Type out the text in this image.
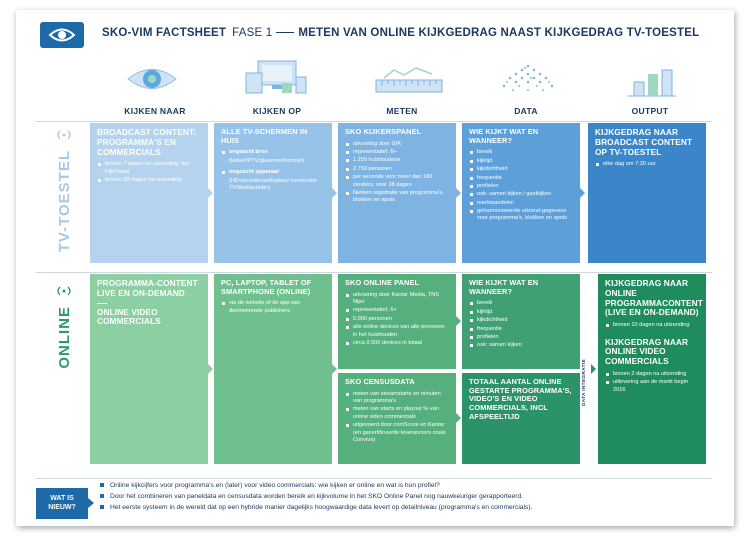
SKO-VIM FACTSHEET FASE 1 METEN VAN ONLINE KIJKGEDRAG NAAST KIJKGEDRAG TV-TOESTEL
KIJKEN NAAR	KIJKEN OP	METEN	DATA	OUTPUT
TV-TOESTEL
ONLINE
BROADCAST CONTENT: PROGRAMMA'S EN COMMERCIALS
binnen 7 dagen na uitzending: het KijkTotaal
binnen 28 dagen na uitzending
ALLE TV-SCHERMEN IN HUIS
ongeacht bron
(kabel/IPTV/glasvezel/schotel)
ongeacht apparaat
(HD-recorder/settopbox/ connected-TV/Mediacenter)
SKO KIJKERSPANEL
uitvoering door GfK
representatief, 6+
1.250 huishoudens
2.750 personen
per seconde voor meer dan 180 zenders, voor 28 dagen
Nielsen registratie van programma's, blokken en spots
WIE KIJKT WAT EN WANNEER?
bereik
kijktijd
kijkdichtheid
frequentie
profielen
ook: samen kijken / gastkijken
marktaandelen
geharmoniseerde uitzend-gegevens voor programma's, blokken en spots
KIJKGEDRAG NAAR BROADCAST CONTENT OP TV-TOESTEL
elke dag om 7:30 uur
PROGRAMMA-CONTENT LIVE EN ON-DEMAND
ONLINE VIDEO COMMERCIALS
PC, LAPTOP, TABLET OF SMARTPHONE (ONLINE)
via de website of de app van deelnemende publishers
SKO ONLINE PANEL
uitvoering door Kantar Media, TNS Nipo
representatief, 6+
5.000 personen
alle online devices van alle personen in het huishouden
circa 9.500 devices in totaal
SKO CENSUSDATA
meten van streamstarts en minuten van programma's
meten van starts en playout % van online video commercials
uitgevoerd door comScore en Kantar (en gecertificeerde leveranciers zoals Conviva)
WIE KIJKT WAT EN WANNEER?
bereik
kijktijd
kijkdichtheid
frequentie
profielen
ook: samen kijken
TOTAAL AANTAL ONLINE GESTARTE PROGRAMMA'S, VIDEO'S EN VIDEO COMMERCIALS, INCL AFSPEELTIJD
DATA INTEGRATIE
KIJKGEDRAG NAAR ONLINE PROGRAMMACONTENT (LIVE EN ON-DEMAND)
binnen 10 dagen na uitzending
KIJKGEDRAG NAAR ONLINE VIDEO COMMERCIALS
binnen 2 dagen na uitzending
uitlevering aan de markt begin 2016
WAT IS NIEUW?
Online kijkcijfers voor programma's en (later) voor video commercials: wie kijken er online en wat is hun profiel?
Door het combineren van paneldata en censusdata worden bereik en kijkvolume in het SKO Online Panel nog nauwkeuriger gerapporteerd.
Het eerste systeem in de wereld dat op een hybride manier dagelijks hoogwaardige data levert op detailniveau (programma's en commercials).
